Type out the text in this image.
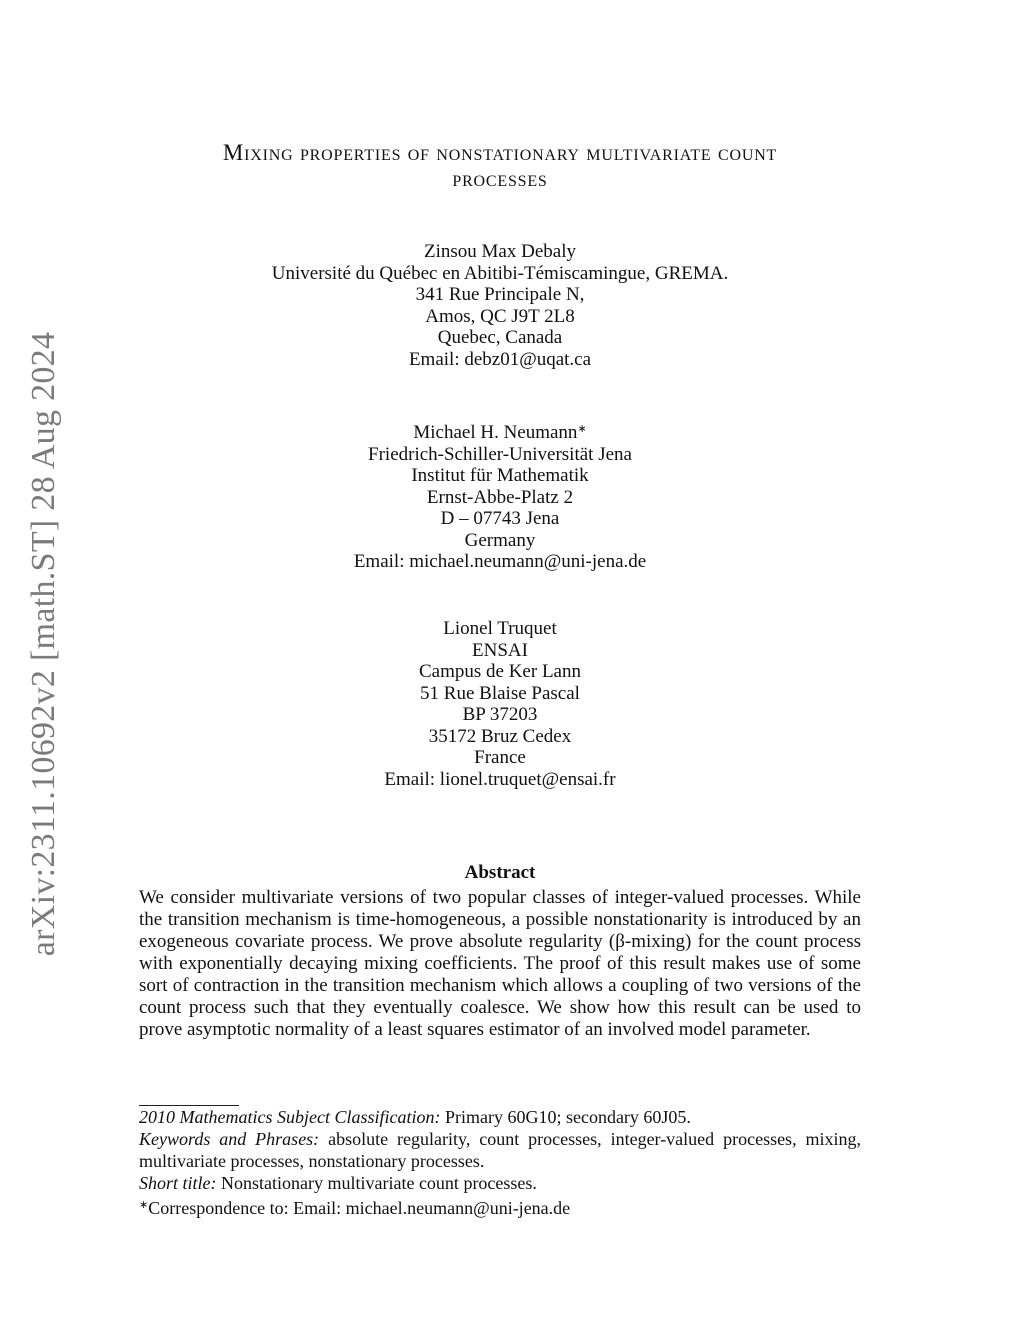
arXiv:2311.10692v2 [math.ST] 28 Aug 2024
Mixing properties of nonstationary multivariate count
processes
Zinsou Max Debaly
Université du Québec en Abitibi-Témiscamingue, GREMA.
341 Rue Principale N,
Amos, QC J9T 2L8
Quebec, Canada
Email: debz01@uqat.ca
Michael H. Neumann∗
Friedrich-Schiller-Universität Jena
Institut für Mathematik
Ernst-Abbe-Platz 2
D – 07743 Jena
Germany
Email: michael.neumann@uni-jena.de
Lionel Truquet
ENSAI
Campus de Ker Lann
51 Rue Blaise Pascal
BP 37203
35172 Bruz Cedex
France
Email: lionel.truquet@ensai.fr
Abstract

We consider multivariate versions of two popular classes of integer-valued processes. While the transition mechanism is time-homogeneous, a possible nonstationarity is introduced by an exogeneous covariate process. We prove absolute regularity (β-mixing) for the count process with exponentially decaying mixing coefficients. The proof of this result makes use of some sort of contraction in the transition mechanism which allows a coupling of two versions of the count process such that they eventually coalesce. We show how this result can be used to prove asymptotic normality of a least squares estimator of an involved model parameter.

2010 Mathematics Subject Classification: Primary 60G10; secondary 60J05.

Keywords and Phrases: absolute regularity, count processes, integer-valued processes, mixing, multivariate processes, nonstationary processes.

Short title: Nonstationary multivariate count processes.

∗Correspondence to: Email: michael.neumann@uni-jena.de
